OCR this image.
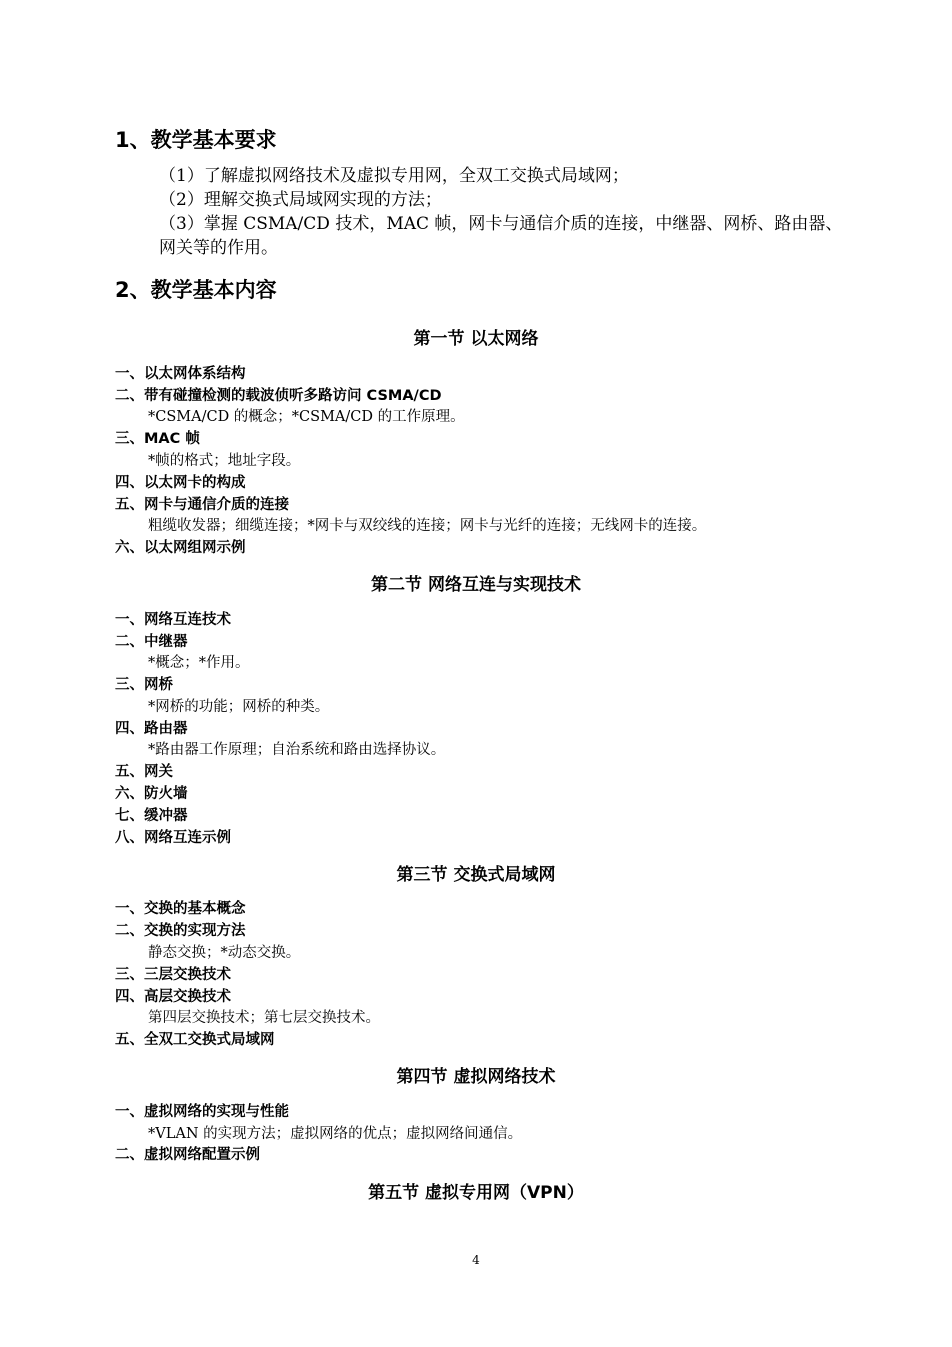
1、教学基本要求
（1）了解虚拟网络技术及虚拟专用网，全双工交换式局域网；
（2）理解交换式局域网实现的方法；
（3）掌握 CSMA/CD 技术，MAC 帧，网卡与通信介质的连接，中继器、网桥、路由器、网关等的作用。
2、教学基本内容
第一节 以太网络
一、以太网体系结构
二、带有碰撞检测的载波侦听多路访问 CSMA/CD
*CSMA/CD 的概念；*CSMA/CD 的工作原理。
三、MAC 帧
*帧的格式；地址字段。
四、以太网卡的构成
五、网卡与通信介质的连接
粗缆收发器；细缆连接；*网卡与双绞线的连接；网卡与光纤的连接；无线网卡的连接。
六、以太网组网示例
第二节 网络互连与实现技术
一、网络互连技术
二、中继器
*概念；*作用。
三、网桥
*网桥的功能；网桥的种类。
四、路由器
*路由器工作原理；自治系统和路由选择协议。
五、网关
六、防火墙
七、缓冲器
八、网络互连示例
第三节 交换式局域网
一、交换的基本概念
二、交换的实现方法
静态交换；*动态交换。
三、三层交换技术
四、高层交换技术
第四层交换技术；第七层交换技术。
五、全双工交换式局域网
第四节 虚拟网络技术
一、虚拟网络的实现与性能
*VLAN 的实现方法；虚拟网络的优点；虚拟网络间通信。
二、虚拟网络配置示例
第五节 虚拟专用网（VPN）
4
